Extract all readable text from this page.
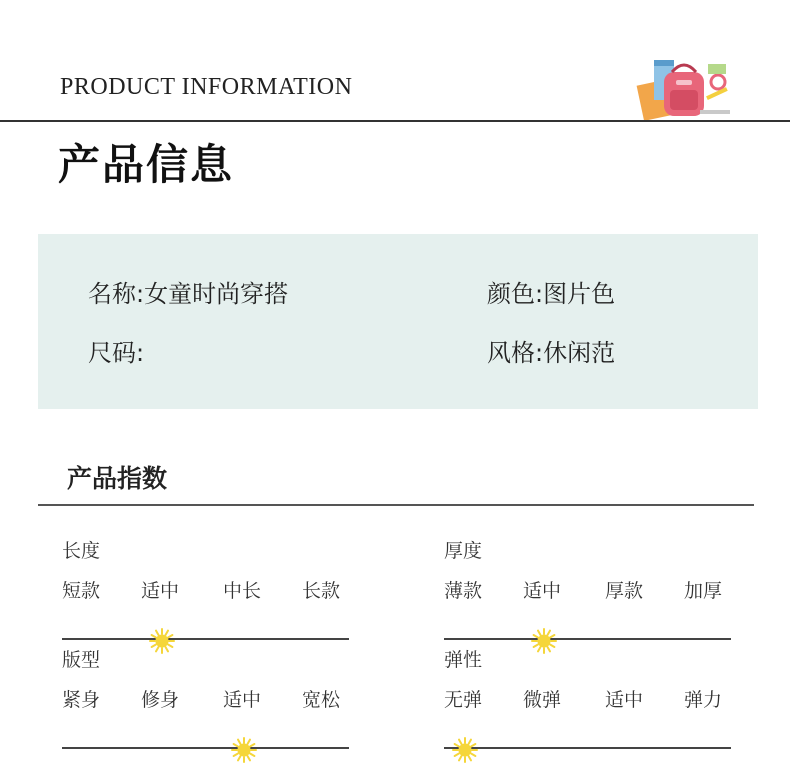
PRODUCT INFORMATION
产品信息
名称:女童时尚穿搭	颜色:图片色
尺码:	风格:休闲范
产品指数
长度
短款 适中 中长 长款
厚度
薄款 适中 厚款 加厚
版型
紧身 修身 适中 宽松
弹性
无弹 微弹 适中 弹力
